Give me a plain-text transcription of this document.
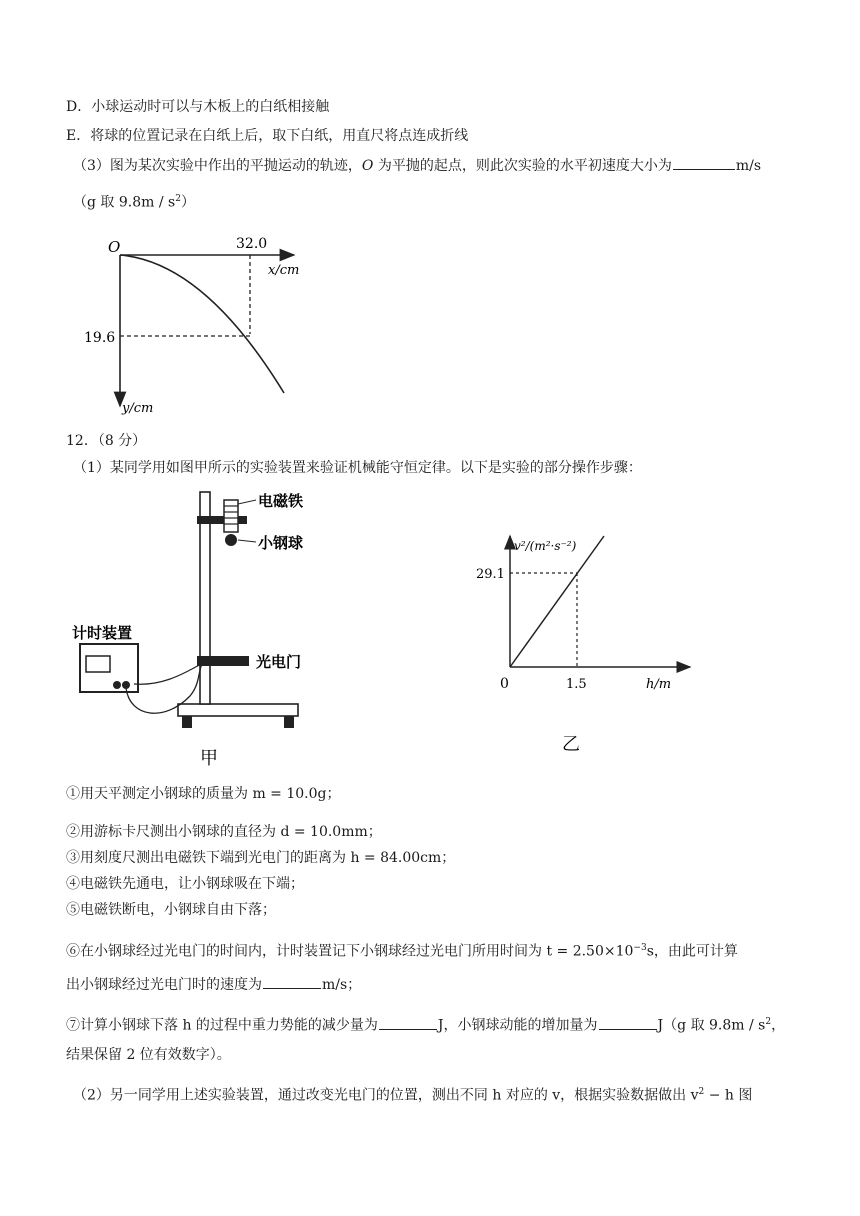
D．小球运动时可以与木板上的白纸相接触
E．将球的位置记录在白纸上后，取下白纸，用直尺将点连成折线
（3）图为某次实验中作出的平抛运动的轨迹，O 为平抛的起点，则此次实验的水平初速度大小为	m/s
（g 取 $9.8m / s^2$）
O	32.0
x/cm
19.6
y/cm
12．（8 分）
（1）某同学用如图甲所示的实验装置来验证机械能守恒定律。以下是实验的部分操作步骤：
电磁铁
小钢球
光电门
计时装置
甲
v²/(m²·s⁻²)
29.1
0	1.5	h/m
乙
①用天平测定小钢球的质量为 m = 10.0g；
②用游标卡尺测出小钢球的直径为 d = 10.0mm；
③用刻度尺测出电磁铁下端到光电门的距离为 h = 84.00cm；
④电磁铁先通电，让小钢球吸在下端；
⑤电磁铁断电，小钢球自由下落；
⑥在小钢球经过光电门的时间内，计时装置记下小钢球经过光电门所用时间为 $t = 2.50\times 10^{-3}s$，由此可计算
出小钢球经过光电门时的速度为	m/s；
⑦计算小钢球下落 h 的过程中重力势能的减少量为	J，小钢球动能的增加量为	J（g 取 $9.8m / s^2$，
结果保留 2 位有效数字）。
（2）另一同学用上述实验装置，通过改变光电门的位置，测出不同 h 对应的 v，根据实验数据做出 $v^2 - h$ 图
